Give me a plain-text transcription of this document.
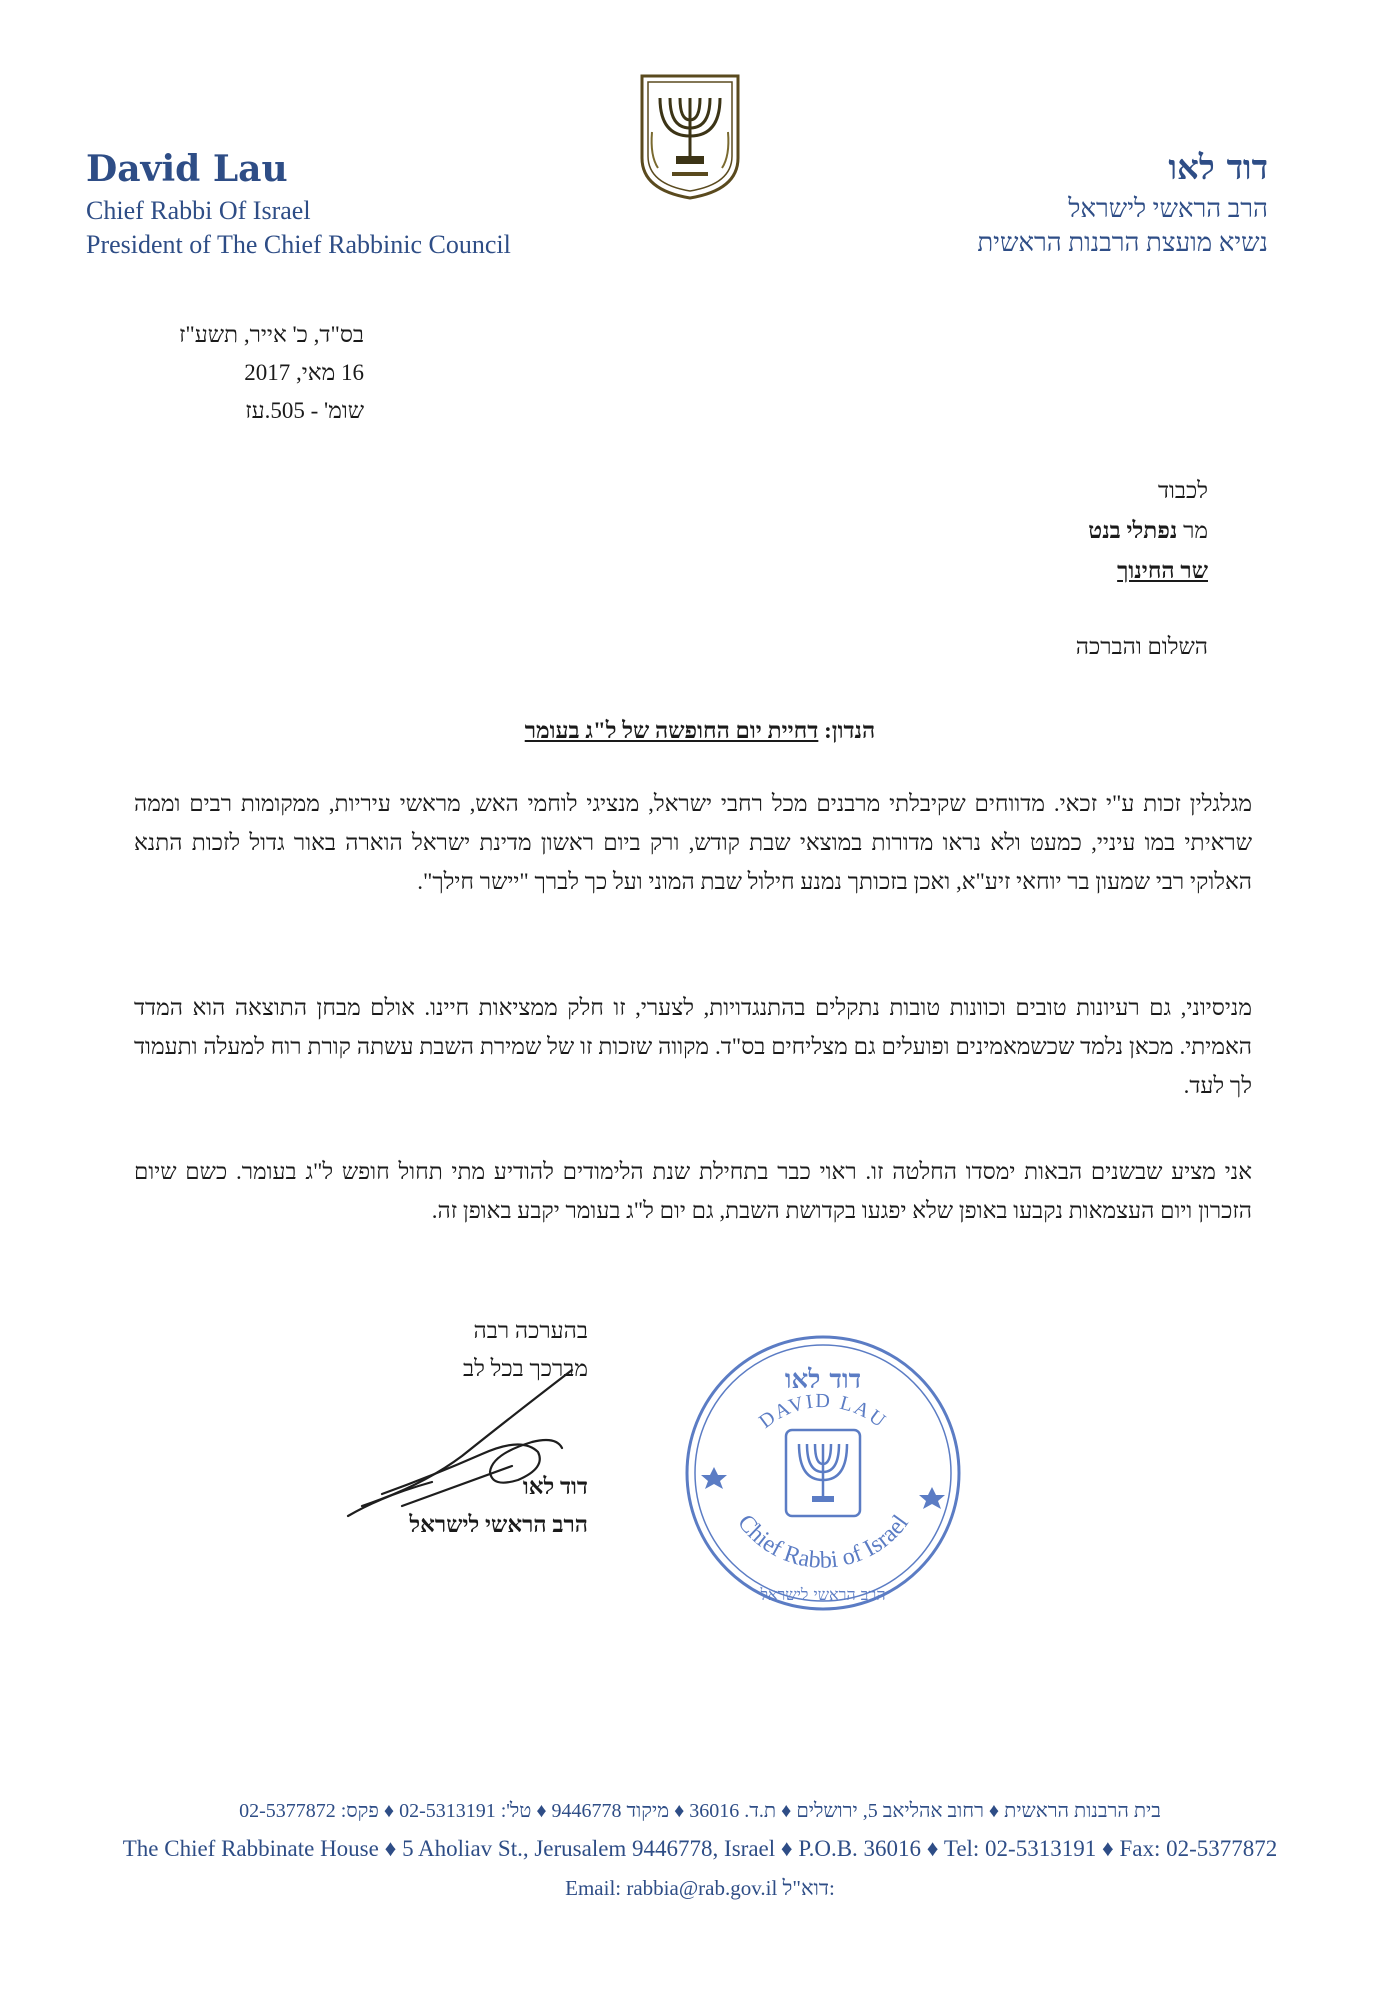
David Lau
Chief Rabbi Of Israel
President of The Chief Rabbinic Council
דוד לאו
הרב הראשי לישראל
נשיא מועצת הרבנות הראשית
בס"ד, כ' אייר, תשע"ז
16 מאי, 2017
שומ' - 505.עז
לכבוד
מר נפתלי בנט
שר החינוך
השלום והברכה
הנדון: דחיית יום החופשה של ל"ג בעומר
מגלגלין זכות ע"י זכאי. מדווחים שקיבלתי מרבנים מכל רחבי ישראל, מנציגי לוחמי האש, מראשי עיריות, ממקומות רבים וממה שראיתי במו עיניי, כמעט ולא נראו מדורות במוצאי שבת קודש, ורק ביום ראשון מדינת ישראל הוארה באור גדול לזכות התנא האלוקי רבי שמעון בר יוחאי זיע"א, ואכן בזכותך נמנע חילול שבת המוני ועל כך לברך "יישר חילך".
מניסיוני, גם רעיונות טובים וכוונות טובות נתקלים בהתנגדויות, לצערי, זו חלק ממציאות חיינו. אולם מבחן התוצאה הוא המדד האמיתי. מכאן נלמד שכשמאמינים ופועלים גם מצליחים בס"ד. מקווה שזכות זו של שמירת השבת עשתה קורת רוח למעלה ותעמוד לך לעד.
אני מציע שבשנים הבאות ימסדו החלטה זו. ראוי כבר בתחילת שנת הלימודים להודיע מתי תחול חופש ל"ג בעומר. כשם שיום הזכרון ויום העצמאות נקבעו באופן שלא יפגעו בקדושת השבת, גם יום ל"ג בעומר יקבע באופן זה.
בהערכה רבה
מברכך בכל לב
דוד לאו
הרב הראשי לישראל
דוד לאו
DAVID LAU
Chief Rabbi of Israel
הרב הראשי לישראל
בית הרבנות הראשית ♦ רחוב אהליאב 5, ירושלים ♦ ת.ד. 36016 ♦ מיקוד 9446778 ♦ טל': 02-5313191 ♦ פקס: 02-5377872
The Chief Rabbinate House ♦ 5 Aholiav St., Jerusalem 9446778, Israel ♦ P.O.B. 36016 ♦ Tel: 02-5313191 ♦ Fax: 02-5377872
Email: rabbia@rab.gov.il דוא"ל:
